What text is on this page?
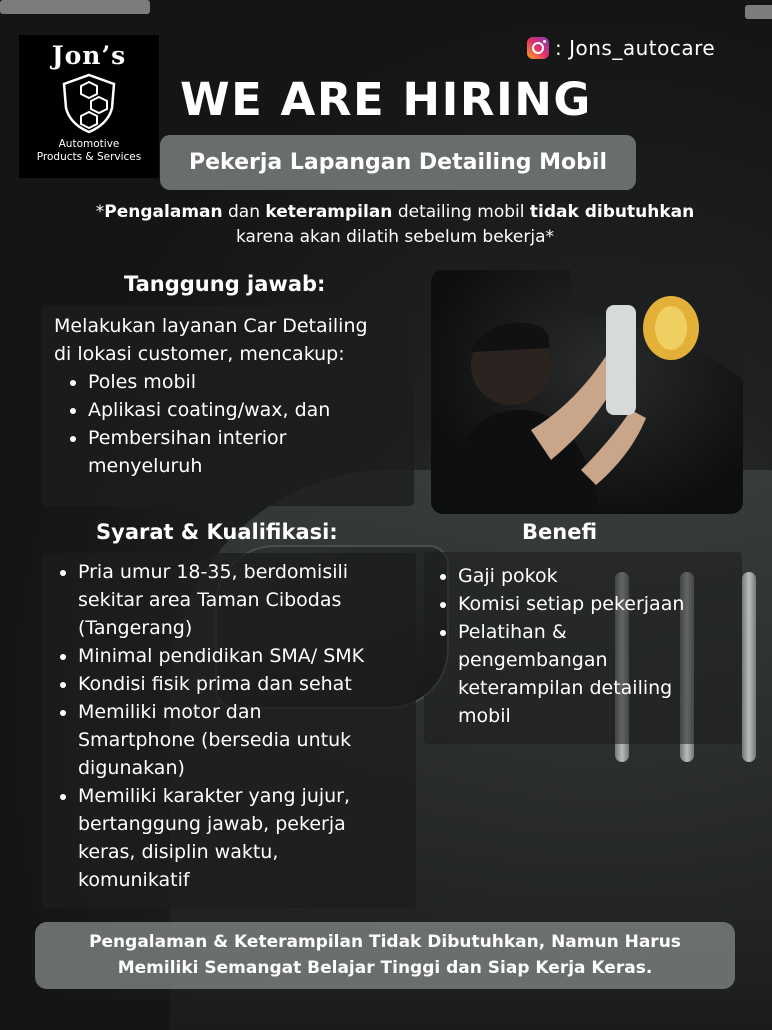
Jon’s
Automotive
Products & Services
: Jons_autocare
WE ARE HIRING
Pekerja Lapangan Detailing Mobil
*Pengalaman dan keterampilan detailing mobil tidak dibutuhkan
karena akan dilatih sebelum bekerja*
Tanggung jawab:
Melakukan layanan Car Detailing
di lokasi customer, mencakup:
• Poles mobil
• Aplikasi coating/wax, dan
• Pembersihan interior menyeluruh
Syarat & Kualifikasi:
• Pria umur 18-35, berdomisili sekitar area Taman Cibodas (Tangerang)
• Minimal pendidikan SMA/ SMK
• Kondisi fisik prima dan sehat
• Memiliki motor dan Smartphone (bersedia untuk digunakan)
• Memiliki karakter yang jujur, bertanggung jawab, pekerja keras, disiplin waktu, komunikatif
Benefi
• Gaji pokok
• Komisi setiap pekerjaan
• Pelatihan & pengembangan keterampilan detailing mobil
Pengalaman & Keterampilan Tidak Dibutuhkan, Namun Harus
Memiliki Semangat Belajar Tinggi dan Siap Kerja Keras.
